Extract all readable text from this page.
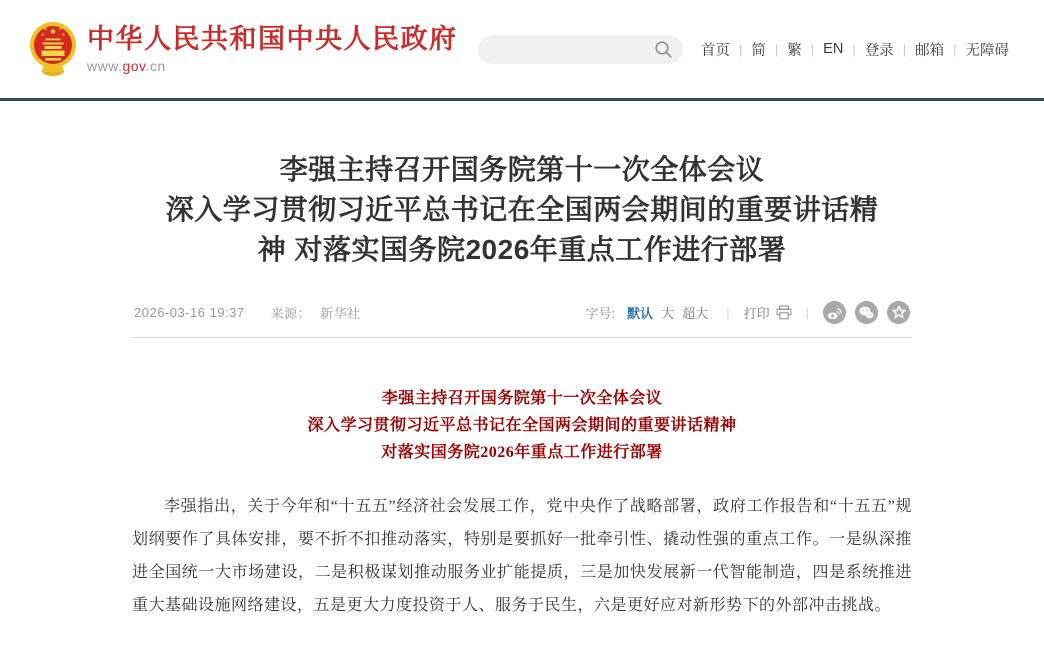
中华人民共和国中央人民政府
www.gov.cn
首页 | 简 | 繁 | EN | 登录 | 邮箱 | 无障碍
李强主持召开国务院第十一次全体会议
深入学习贯彻习近平总书记在全国两会期间的重要讲话精
神 对落实国务院2026年重点工作进行部署
2026-03-16 19:37 来源： 新华社	字号: 默认 大 超大 | 打印	|
李强主持召开国务院第十一次全体会议
深入学习贯彻习近平总书记在全国两会期间的重要讲话精神
对落实国务院2026年重点工作进行部署

李强指出，关于今年和“十五五”经济社会发展工作，党中央作了战略部署，政府工作报告和“十五五”规划纲要作了具体安排，要不折不扣推动落实，特别是要抓好一批牵引性、撬动性强的重点工作。一是纵深推进全国统一大市场建设，二是积极谋划推动服务业扩能提质，三是加快发展新一代智能制造，四是系统推进重大基础设施网络建设，五是更大力度投资于人、服务于民生，六是更好应对新形势下的外部冲击挑战。
